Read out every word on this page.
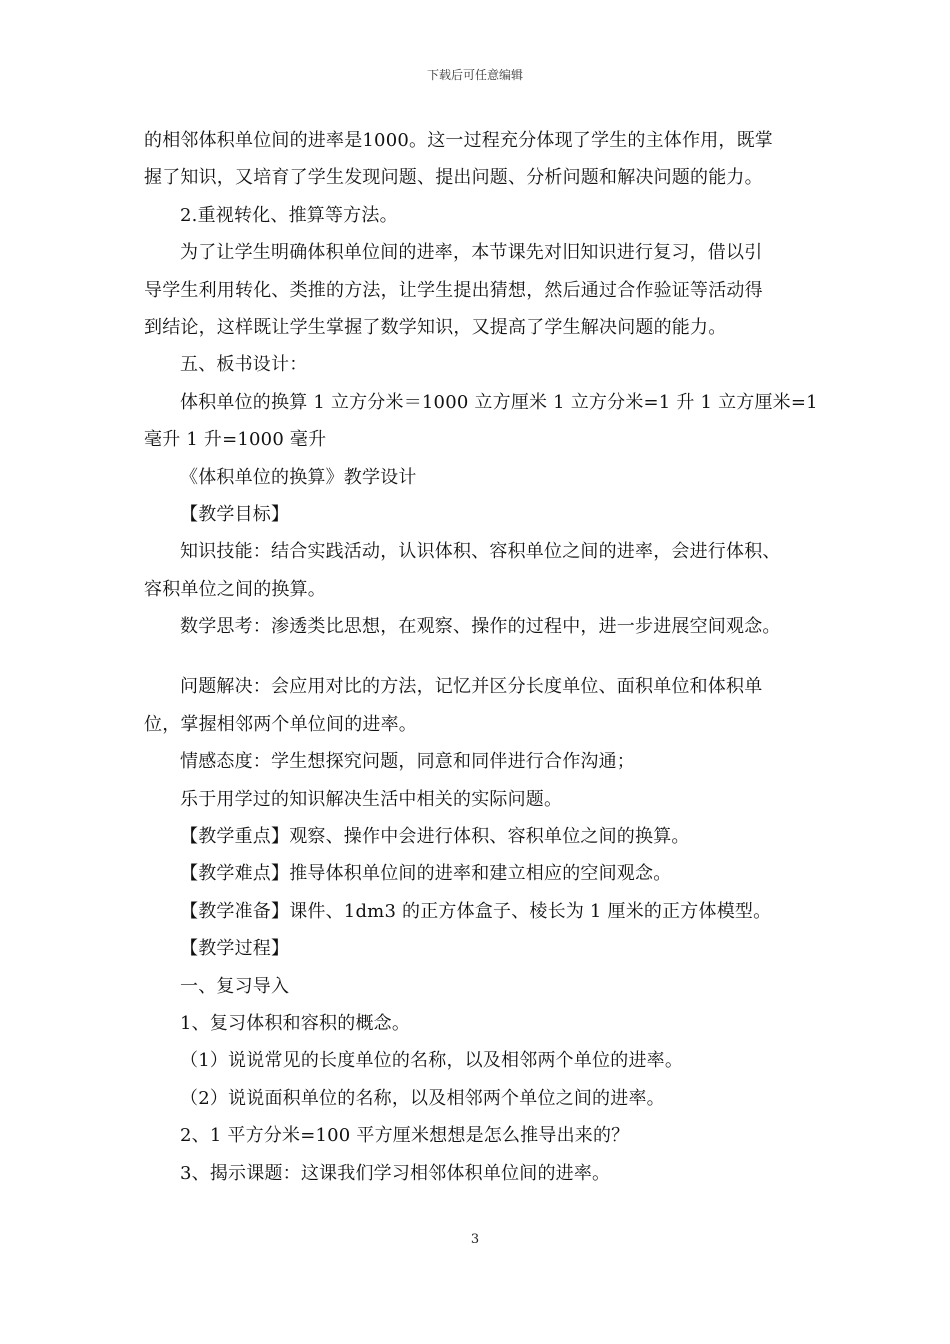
下载后可任意编辑
的相邻体积单位间的进率是1000。这一过程充分体现了学生的主体作用，既掌
握了知识，又培育了学生发现问题、提出问题、分析问题和解决问题的能力。
2.重视转化、推算等方法。
为了让学生明确体积单位间的进率，本节课先对旧知识进行复习，借以引
导学生利用转化、类推的方法，让学生提出猜想，然后通过合作验证等活动得
到结论，这样既让学生掌握了数学知识，又提高了学生解决问题的能力。
五、板书设计：
体积单位的换算 1 立方分米＝1000 立方厘米 1 立方分米=1 升 1 立方厘米=1
毫升 1 升=1000 毫升
《体积单位的换算》教学设计
【教学目标】
知识技能：结合实践活动，认识体积、容积单位之间的进率，会进行体积、
容积单位之间的换算。
数学思考：渗透类比思想，在观察、操作的过程中，进一步进展空间观念。
问题解决：会应用对比的方法，记忆并区分长度单位、面积单位和体积单
位，掌握相邻两个单位间的进率。
情感态度：学生想探究问题，同意和同伴进行合作沟通；
乐于用学过的知识解决生活中相关的实际问题。
【教学重点】观察、操作中会进行体积、容积单位之间的换算。
【教学难点】推导体积单位间的进率和建立相应的空间观念。
【教学准备】课件、1dm3 的正方体盒子、棱长为 1 厘米的正方体模型。
【教学过程】
一、复习导入
1、复习体积和容积的概念。
（1）说说常见的长度单位的名称，以及相邻两个单位的进率。
（2）说说面积单位的名称，以及相邻两个单位之间的进率。
2、1 平方分米=100 平方厘米想想是怎么推导出来的？
3、揭示课题：这课我们学习相邻体积单位间的进率。
3
